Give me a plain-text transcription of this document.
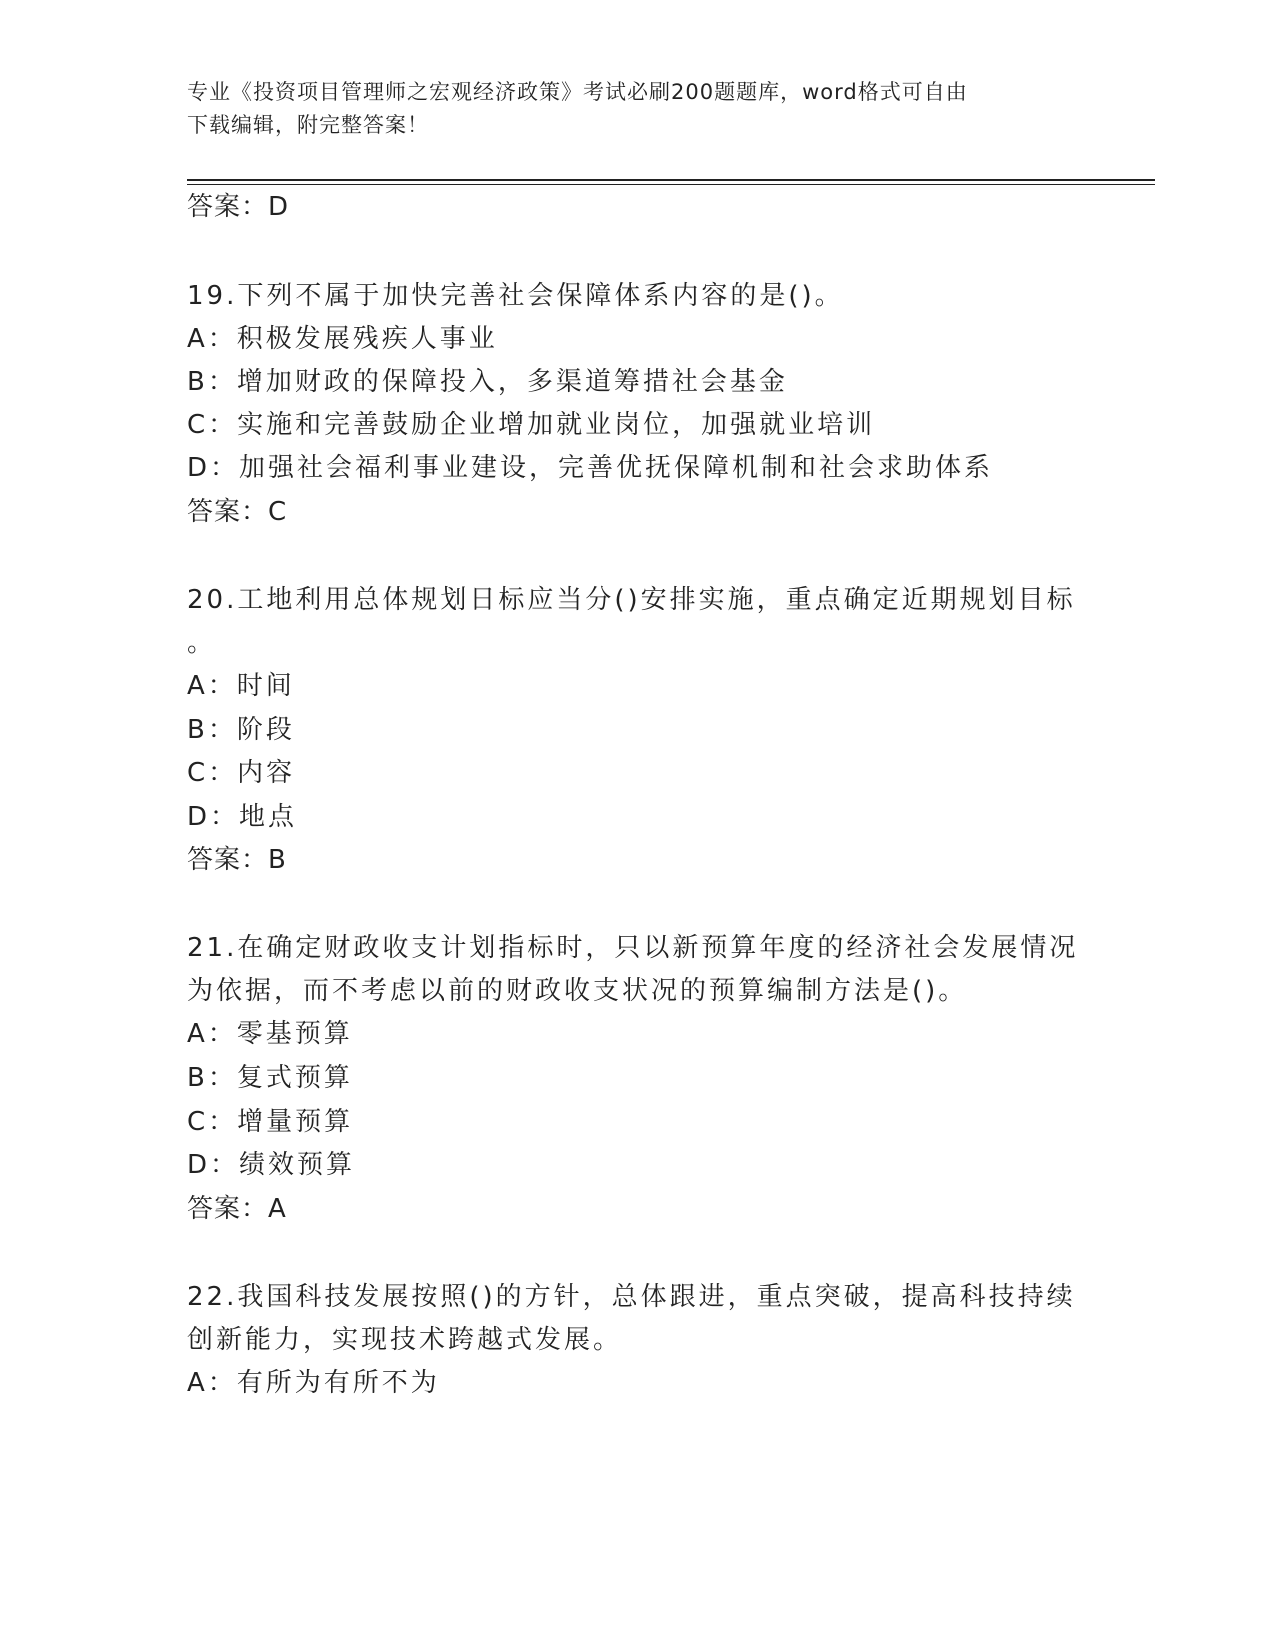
专业《投资项目管理师之宏观经济政策》考试必刷200题题库，word格式可自由
下载编辑，附完整答案！
答案：D
19.下列不属于加快完善社会保障体系内容的是()。
A：积极发展残疾人事业
B：增加财政的保障投入，多渠道筹措社会基金
C：实施和完善鼓励企业增加就业岗位，加强就业培训
D：加强社会福利事业建设，完善优抚保障机制和社会求助体系
答案：C
20.工地利用总体规划日标应当分()安排实施，重点确定近期规划目标
。
A：时间
B：阶段
C：内容
D：地点
答案：B
21.在确定财政收支计划指标时，只以新预算年度的经济社会发展情况
为依据，而不考虑以前的财政收支状况的预算编制方法是()。
A：零基预算
B：复式预算
C：增量预算
D：绩效预算
答案：A
22.我国科技发展按照()的方针，总体跟进，重点突破，提高科技持续
创新能力，实现技术跨越式发展。
A：有所为有所不为
